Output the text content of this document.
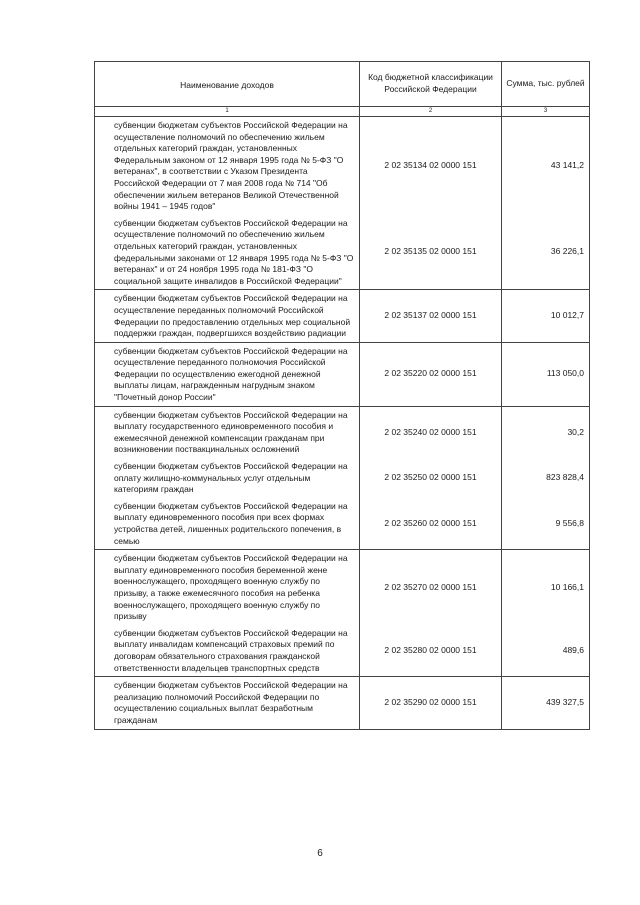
Наименование доходов	Код бюджетной классификации Российской Федерации	Сумма, тыс. рублей
1	2	3
субвенции бюджетам субъектов Российской Федерации на осуществление полномочий по обеспечению жильем отдельных категорий граждан, установленных Федеральным законом от 12 января 1995 года № 5-ФЗ "О ветеранах", в соответствии с Указом Президента Российской Федерации от 7 мая 2008 года № 714 "Об обеспечении жильем ветеранов Великой Отечественной войны 1941 – 1945 годов"	2 02 35134 02 0000 151	43 141,2
субвенции бюджетам субъектов Российской Федерации на осуществление полномочий по обеспечению жильем отдельных категорий граждан, установленных федеральными законами от 12 января 1995 года № 5-ФЗ "О ветеранах" и от 24 ноября 1995 года № 181-ФЗ "О социальной защите инвалидов в Российской Федерации"	2 02 35135 02 0000 151	36 226,1
субвенции бюджетам субъектов Российской Федерации на осуществление переданных полномочий Российской Федерации по предоставлению отдельных мер социальной поддержки граждан, подвергшихся воздействию радиации	2 02 35137 02 0000 151	10 012,7
субвенции бюджетам субъектов Российской Федерации на осуществление переданного полномочия Российской Федерации по осуществлению ежегодной денежной выплаты лицам, награжденным нагрудным знаком "Почетный донор России"	2 02 35220 02 0000 151	113 050,0
субвенции бюджетам субъектов Российской Федерации на выплату государственного единовременного пособия и ежемесячной денежной компенсации гражданам при возникновении поствакцинальных осложнений	2 02 35240 02 0000 151	30,2
субвенции бюджетам субъектов Российской Федерации на оплату жилищно-коммунальных услуг отдельным категориям граждан	2 02 35250 02 0000 151	823 828,4
субвенции бюджетам субъектов Российской Федерации на выплату единовременного пособия при всех формах устройства детей, лишенных родительского попечения, в семью	2 02 35260 02 0000 151	9 556,8
субвенции бюджетам субъектов Российской Федерации на выплату единовременного пособия беременной жене военнослужащего, проходящего военную службу по призыву, а также ежемесячного пособия на ребенка военнослужащего, проходящего военную службу по призыву	2 02 35270 02 0000 151	10 166,1
субвенции бюджетам субъектов Российской Федерации на выплату инвалидам компенсаций страховых премий по договорам обязательного страхования гражданской ответственности владельцев транспортных средств	2 02 35280 02 0000 151	489,6
субвенции бюджетам субъектов Российской Федерации на реализацию полномочий Российской Федерации по осуществлению социальных выплат безработным гражданам	2 02 35290 02 0000 151	439 327,5
6
